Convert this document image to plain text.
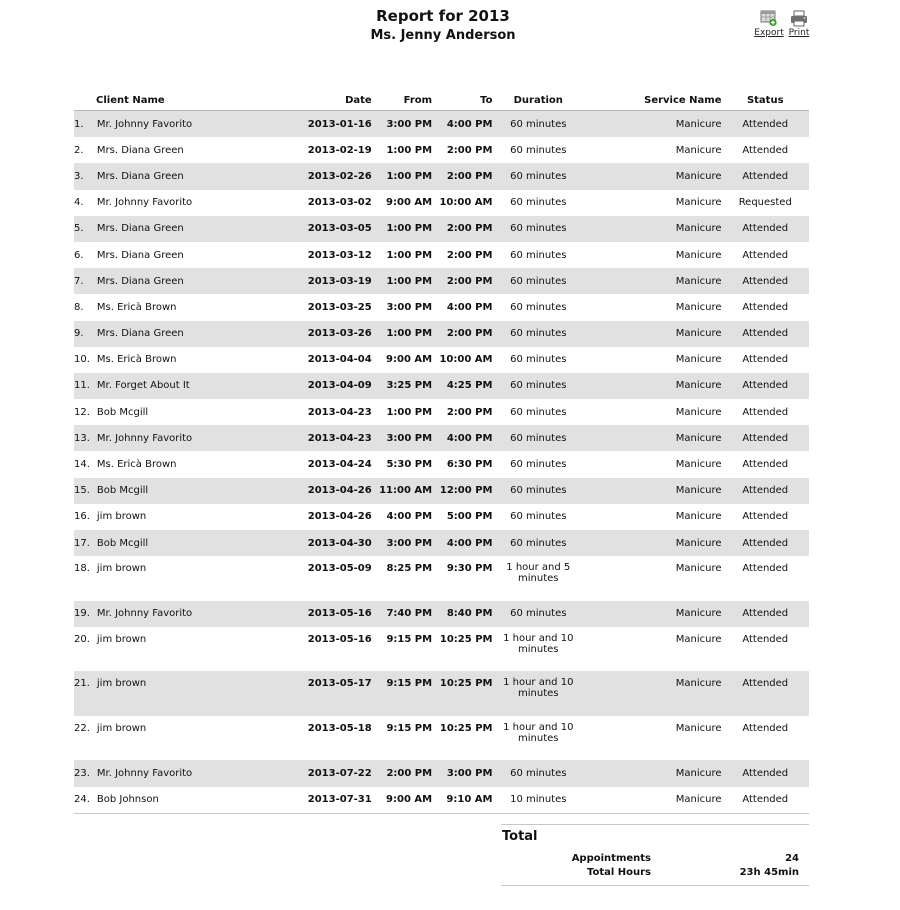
Report for 2013
Ms. Jenny Anderson	Export Print
Client Name		Date	From	To	Duration	Service Name	Status
1.	Mr. Johnny Favorito	2013-01-16	3:00 PM	4:00 PM	60 minutes	Manicure	Attended
2.	Mrs. Diana Green	2013-02-19	1:00 PM	2:00 PM	60 minutes	Manicure	Attended
3.	Mrs. Diana Green	2013-02-26	1:00 PM	2:00 PM	60 minutes	Manicure	Attended
4.	Mr. Johnny Favorito	2013-03-02	9:00 AM	10:00 AM	60 minutes	Manicure	Requested
5.	Mrs. Diana Green	2013-03-05	1:00 PM	2:00 PM	60 minutes	Manicure	Attended
6.	Mrs. Diana Green	2013-03-12	1:00 PM	2:00 PM	60 minutes	Manicure	Attended
7.	Mrs. Diana Green	2013-03-19	1:00 PM	2:00 PM	60 minutes	Manicure	Attended
8.	Ms. Ericà Brown	2013-03-25	3:00 PM	4:00 PM	60 minutes	Manicure	Attended
9.	Mrs. Diana Green	2013-03-26	1:00 PM	2:00 PM	60 minutes	Manicure	Attended
10.	Ms. Ericà Brown	2013-04-04	9:00 AM	10:00 AM	60 minutes	Manicure	Attended
11.	Mr. Forget About It	2013-04-09	3:25 PM	4:25 PM	60 minutes	Manicure	Attended
12.	Bob Mcgill	2013-04-23	1:00 PM	2:00 PM	60 minutes	Manicure	Attended
13.	Mr. Johnny Favorito	2013-04-23	3:00 PM	4:00 PM	60 minutes	Manicure	Attended
14.	Ms. Ericà Brown	2013-04-24	5:30 PM	6:30 PM	60 minutes	Manicure	Attended
15.	Bob Mcgill	2013-04-26	11:00 AM	12:00 PM	60 minutes	Manicure	Attended
16.	jim brown	2013-04-26	4:00 PM	5:00 PM	60 minutes	Manicure	Attended
17.	Bob Mcgill	2013-04-30	3:00 PM	4:00 PM	60 minutes	Manicure	Attended
18.	jim brown	2013-05-09	8:25 PM	9:30 PM	1 hour and 5 minutes	Manicure	Attended
19.	Mr. Johnny Favorito	2013-05-16	7:40 PM	8:40 PM	60 minutes	Manicure	Attended
20.	jim brown	2013-05-16	9:15 PM	10:25 PM	1 hour and 10 minutes	Manicure	Attended
21.	jim brown	2013-05-17	9:15 PM	10:25 PM	1 hour and 10 minutes	Manicure	Attended
22.	jim brown	2013-05-18	9:15 PM	10:25 PM	1 hour and 10 minutes	Manicure	Attended
23.	Mr. Johnny Favorito	2013-07-22	2:00 PM	3:00 PM	60 minutes	Manicure	Attended
24.	Bob Johnson	2013-07-31	9:00 AM	9:10 AM	10 minutes	Manicure	Attended
Total
Appointments	24
Total Hours	23h 45min
